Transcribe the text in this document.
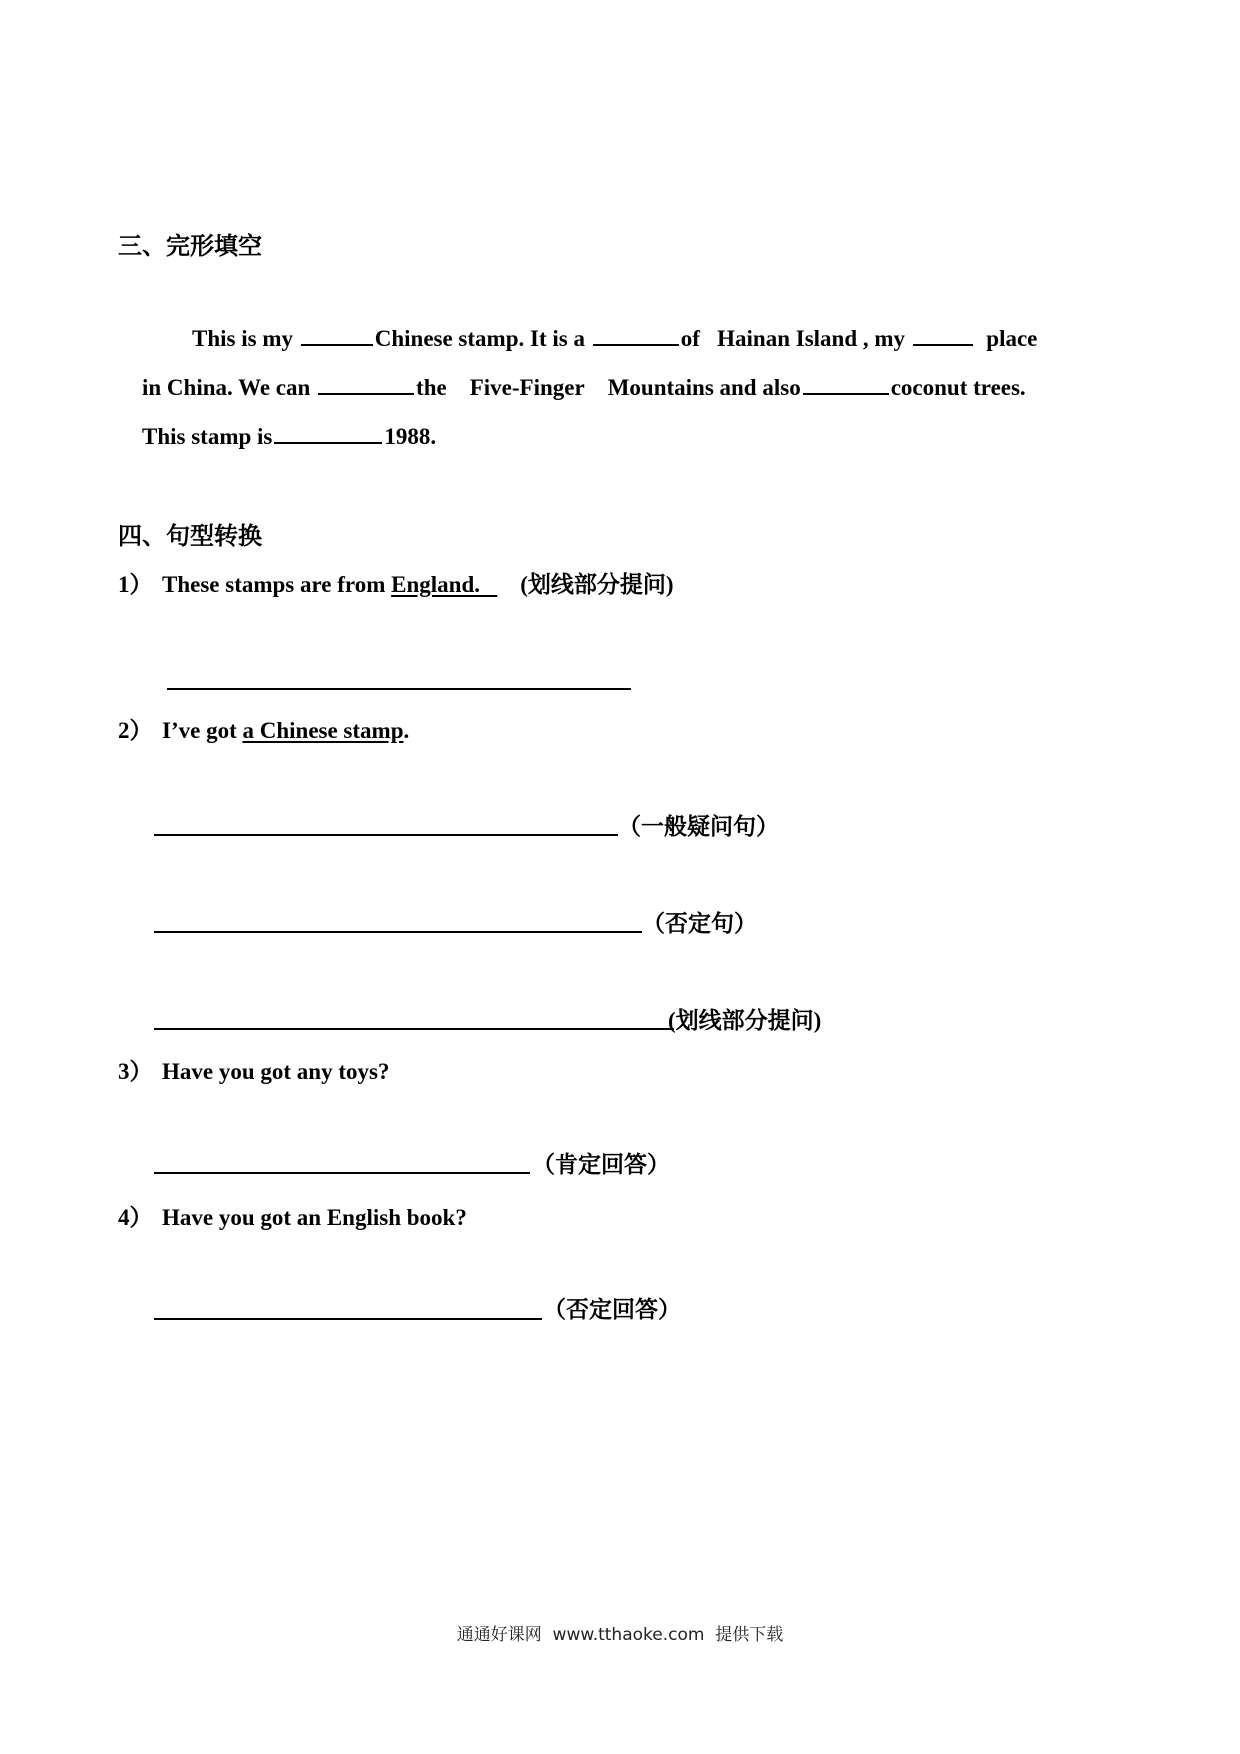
三、完形填空
This is my	Chinese stamp. It is a	of Hainan Island , my	place
in China. We can	the Five-Finger Mountains and also	coconut trees.
This stamp is	1988.
四、句型转换
1） These stamps are from England. (划线部分提问)
2） I’ve got a Chinese stamp.
（一般疑问句）
（否定句）
(划线部分提问)
3） Have you got any toys?
（肯定回答）
4） Have you got an English book?
（否定回答）
通通好课网  www.tthaoke.com  提供下载
